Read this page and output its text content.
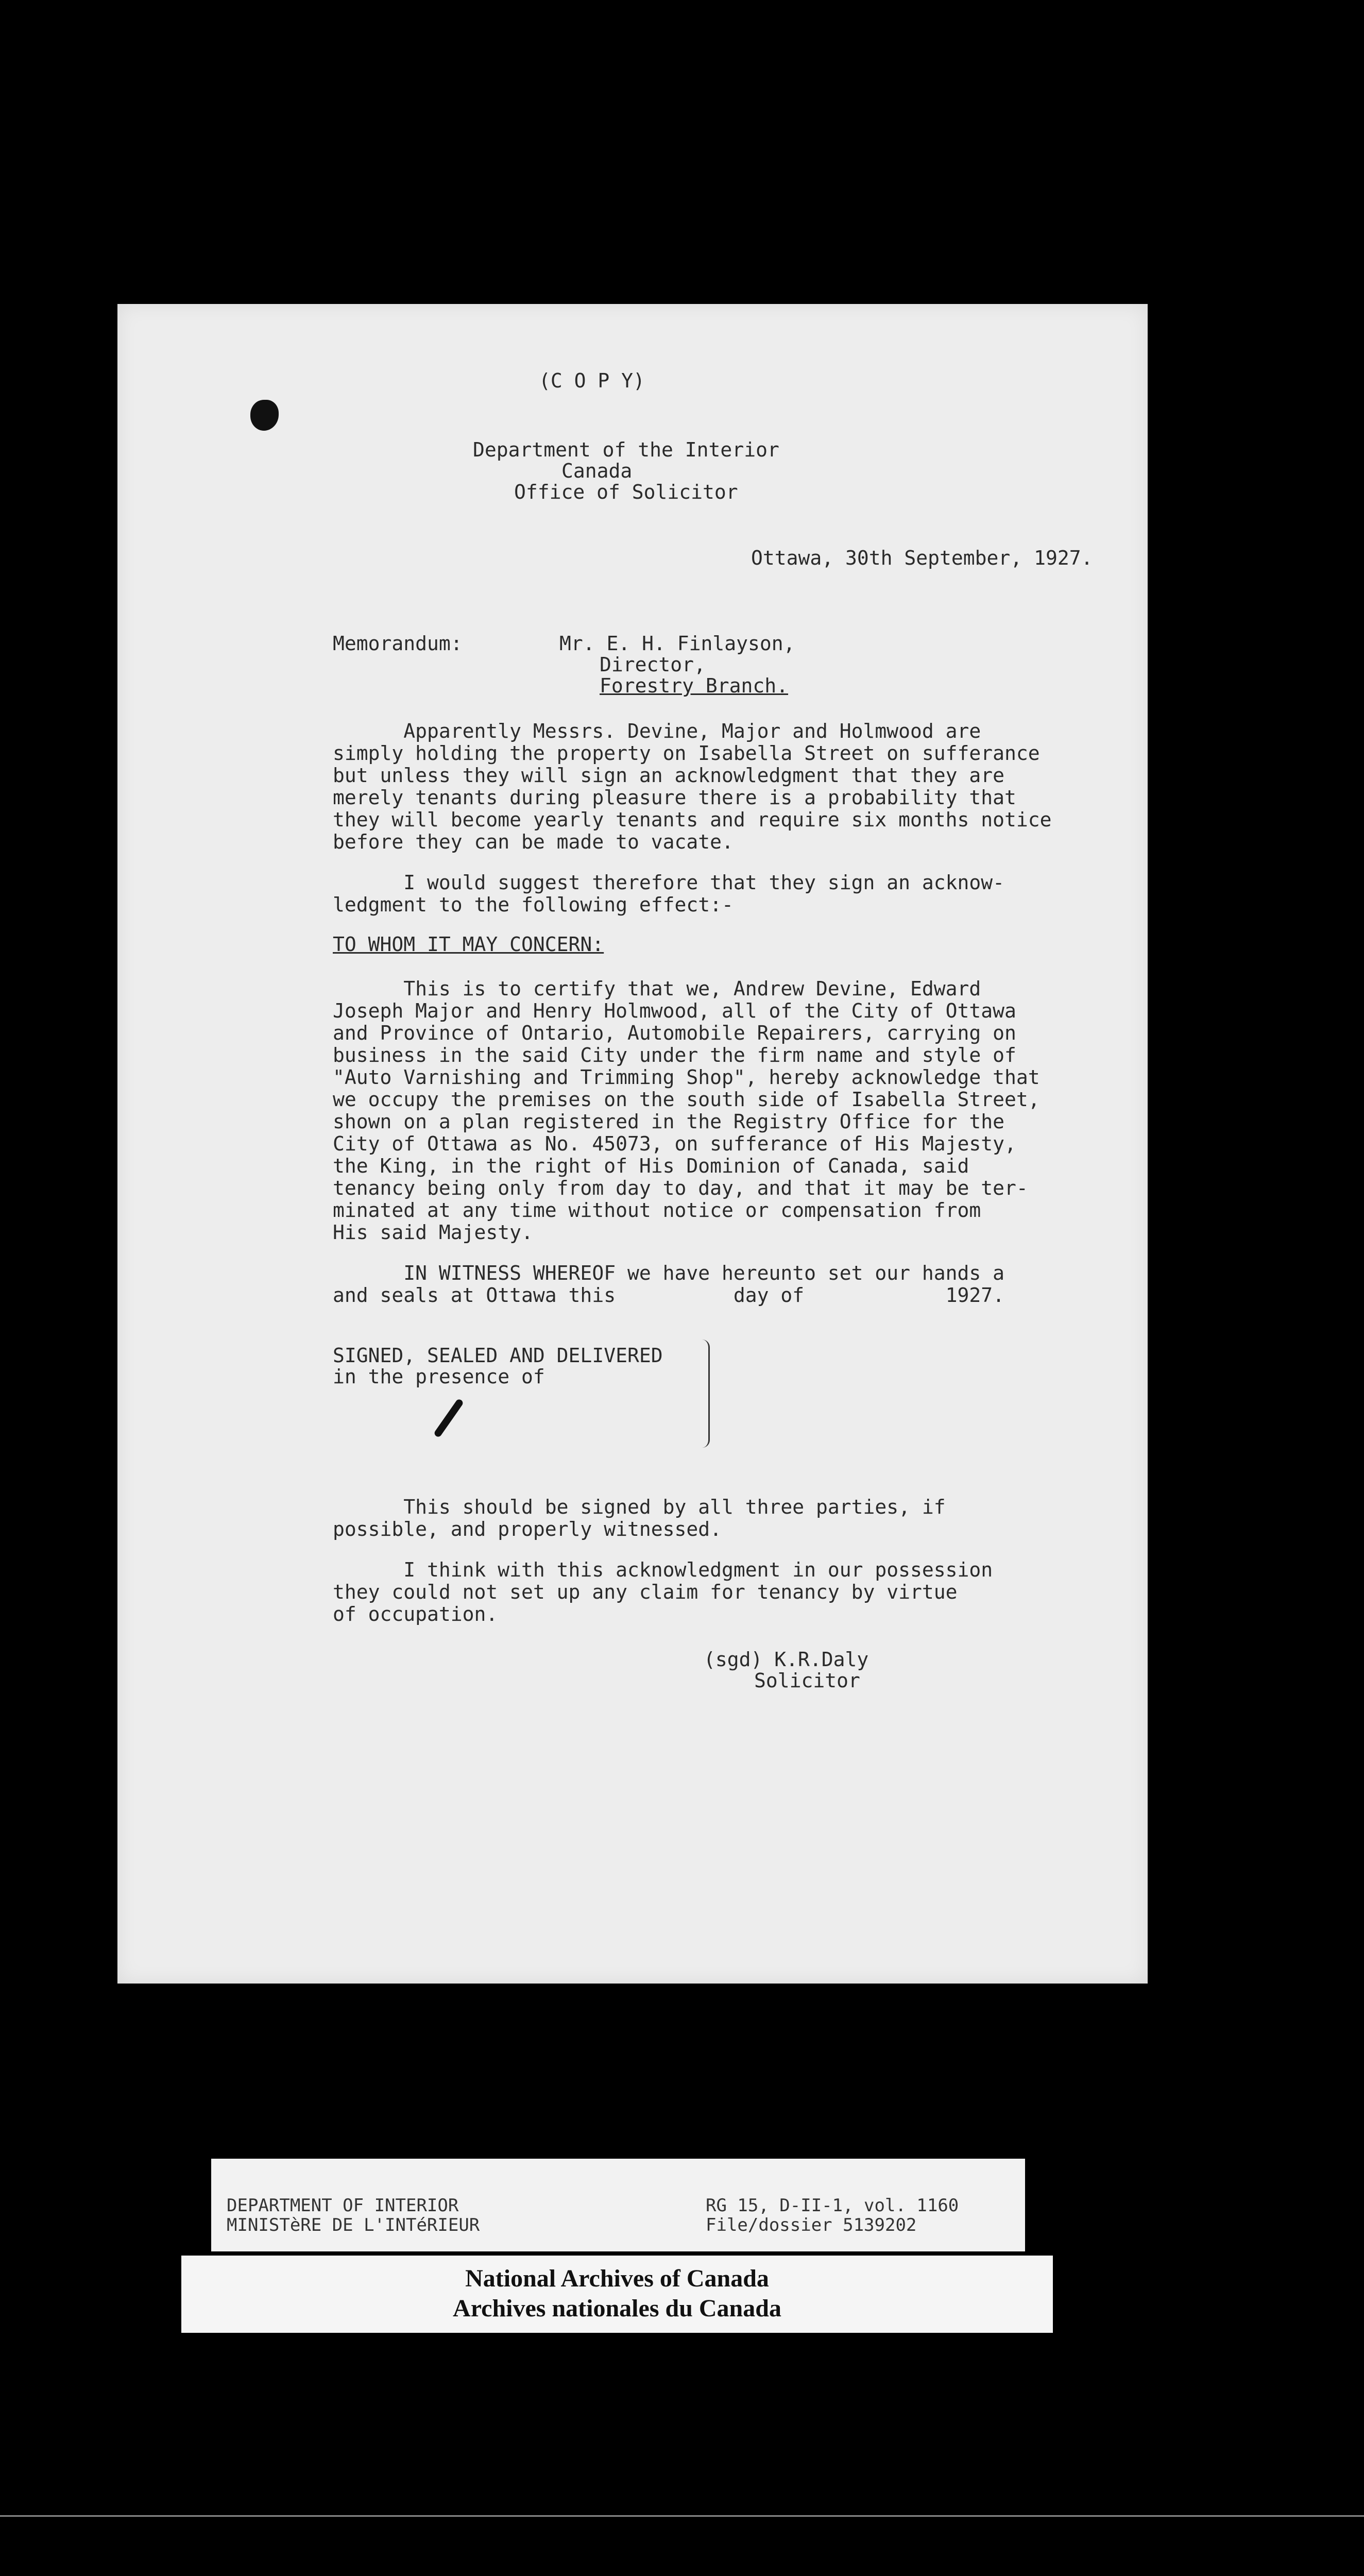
(C O P Y)
Department of the Interior
Canada
Office of Solicitor
Ottawa, 30th September, 1927.
Memorandum:	Mr. E. H. Finlayson,
Director,
Forestry Branch.
Apparently Messrs. Devine, Major and Holmwood are
simply holding the property on Isabella Street on sufferance
but unless they will sign an acknowledgment that they are
merely tenants during pleasure there is a probability that
they will become yearly tenants and require six months notice
before they can be made to vacate.
I would suggest therefore that they sign an acknow-
ledgment to the following effect:-
TO WHOM IT MAY CONCERN:
This is to certify that we, Andrew Devine, Edward
Joseph Major and Henry Holmwood, all of the City of Ottawa
and Province of Ontario, Automobile Repairers, carrying on
business in the said City under the firm name and style of
"Auto Varnishing and Trimming Shop", hereby acknowledge that
we occupy the premises on the south side of Isabella Street,
shown on a plan registered in the Registry Office for the
City of Ottawa as No. 45073, on sufferance of His Majesty,
the King, in the right of His Dominion of Canada, said
tenancy being only from day to day, and that it may be ter-
minated at any time without notice or compensation from
His said Majesty.
IN WITNESS WHEREOF we have hereunto set our hands a
and seals at Ottawa this          day of            1927.
SIGNED, SEALED AND DELIVERED
in the presence of
This should be signed by all three parties, if
possible, and properly witnessed.
I think with this acknowledgment in our possession
they could not set up any claim for tenancy by virtue
of occupation.
(sgd) K.R.Daly
Solicitor
DEPARTMENT OF INTERIOR
MINISTèRE DE L'INTéRIEUR
RG 15, D-II-1, vol. 1160
File/dossier 5139202
National Archives of Canada
Archives nationales du Canada
